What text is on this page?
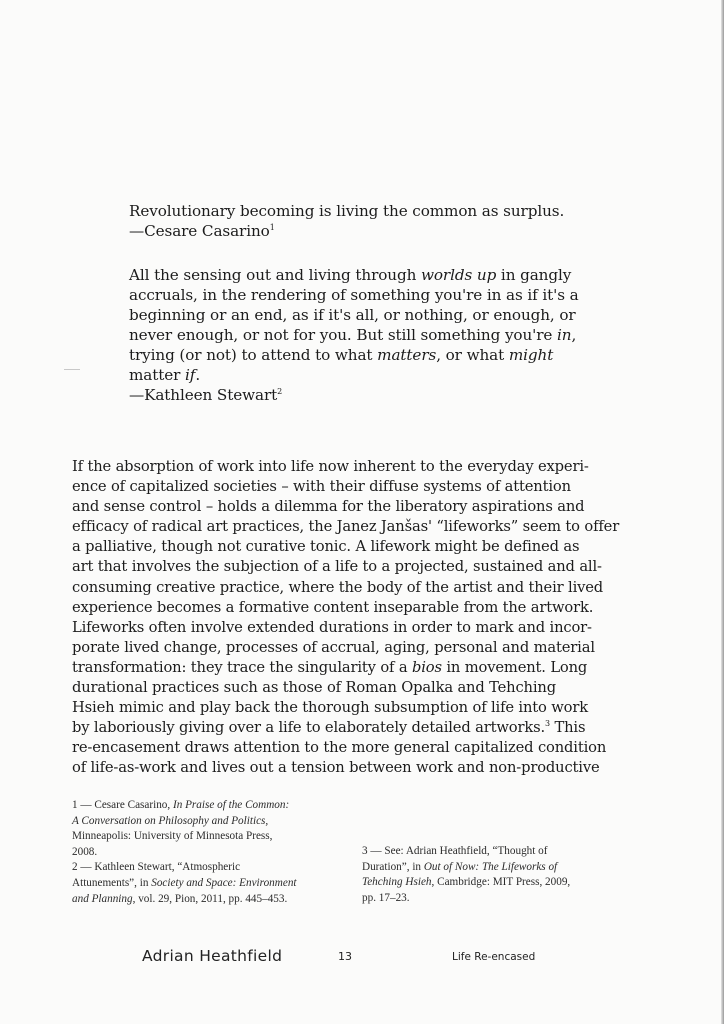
Revolutionary becoming is living the common as surplus.

—Cesare Casarino$^1$

All the sensing out and living through worlds up in gangly

accruals, in the rendering of something you're in as if it's a

beginning or an end, as if it's all, or nothing, or enough, or

never enough, or not for you. But still something you're in,

trying (or not) to attend to what matters, or what might

matter if.

—Kathleen Stewart$^2$

If the absorption of work into life now inherent to the everyday experi-

ence of capitalized societies – with their diffuse systems of attention

and sense control – holds a dilemma for the liberatory aspirations and

efficacy of radical art practices, the Janez Janšas' “lifeworks” seem to offer

a palliative, though not curative tonic. A lifework might be defined as

art that involves the subjection of a life to a projected, sustained and all-

consuming creative practice, where the body of the artist and their lived

experience becomes a formative content inseparable from the artwork.

Lifeworks often involve extended durations in order to mark and incor-

porate lived change, processes of accrual, aging, personal and material

transformation: they trace the singularity of a bios in movement. Long

durational practices such as those of Roman Opalka and Tehching

Hsieh mimic and play back the thorough subsumption of life into work

by laboriously giving over a life to elaborately detailed artworks.$^3$ This

re-encasement draws attention to the more general capitalized condition

of life-as-work and lives out a tension between work and non-productive

1 — Cesare Casarino, In Praise of the Common:

A Conversation on Philosophy and Politics,

Minneapolis: University of Minnesota Press,

2008.

2 — Kathleen Stewart, “Atmospheric

Attunements”, in Society and Space: Environment

and Planning, vol. 29, Pion, 2011, pp. 445–453.

3 — See: Adrian Heathfield, “Thought of

Duration”, in Out of Now: The Lifeworks of

Tehching Hsieh, Cambridge: MIT Press, 2009,

pp. 17–23.

Adrian Heathfield	13	Life Re-encased
